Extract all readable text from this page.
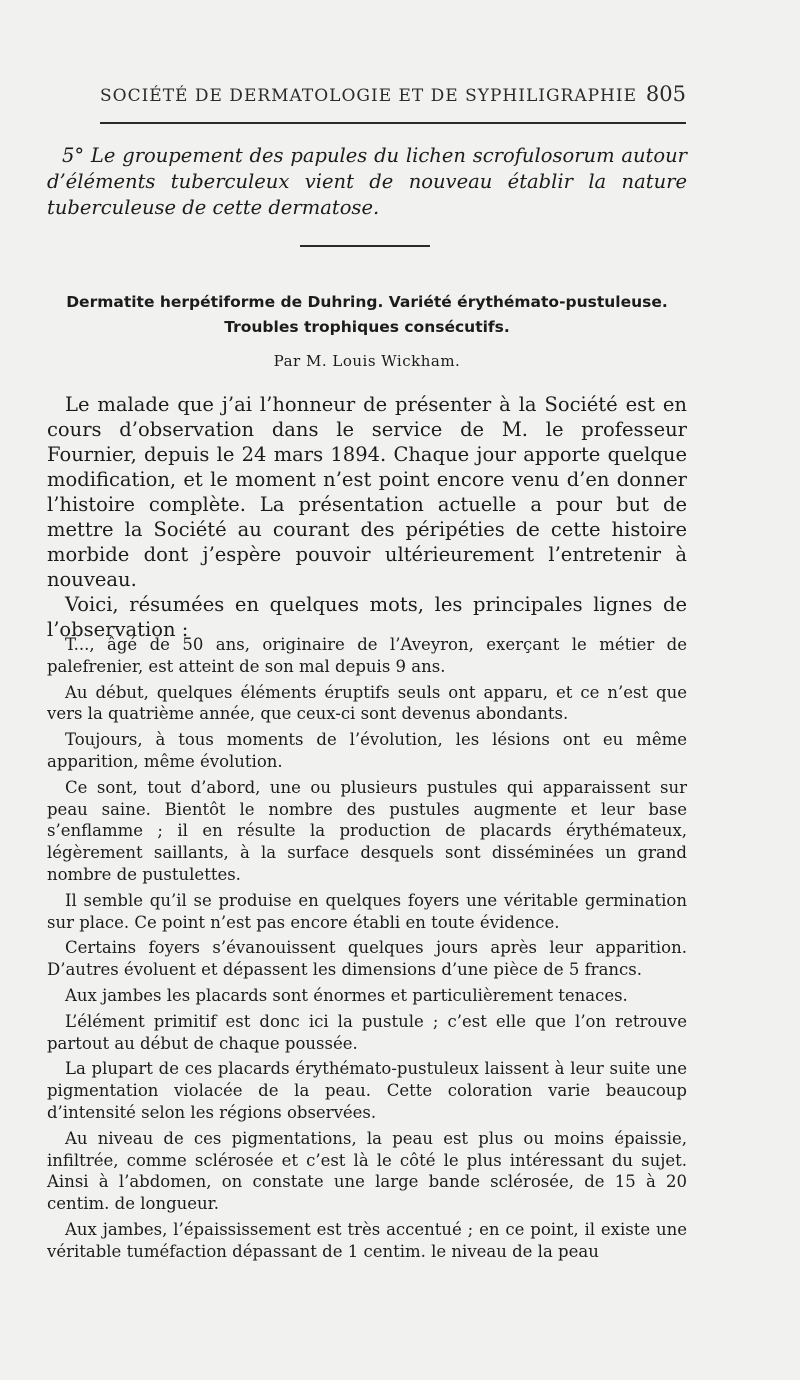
SOCIÉTÉ DE DERMATOLOGIE ET DE SYPHILIGRAPHIE 805
5° Le groupement des papules du lichen scrofulosorum autour d’éléments tuberculeux vient de nouveau établir la nature tuberculeuse de cette dermatose.
Dermatite herpétiforme de Duhring. Variété érythémato-pustuleuse.
Troubles trophiques consécutifs.
Par M. Louis Wickham.

Le malade que j’ai l’honneur de présenter à la Société est en cours d’observation dans le service de M. le professeur Fournier, depuis le 24 mars 1894. Chaque jour apporte quelque modification, et le moment n’est point encore venu d’en donner l’histoire complète. La présentation actuelle a pour but de mettre la Société au courant des péripéties de cette histoire morbide dont j’espère pouvoir ultérieurement l’entretenir à nouveau.

Voici, résumées en quelques mots, les principales lignes de l’observation :

T..., âgé de 50 ans, originaire de l’Aveyron, exerçant le métier de palefrenier, est atteint de son mal depuis 9 ans.

Au début, quelques éléments éruptifs seuls ont apparu, et ce n’est que vers la quatrième année, que ceux-ci sont devenus abondants.

Toujours, à tous moments de l’évolution, les lésions ont eu même apparition, même évolution.

Ce sont, tout d’abord, une ou plusieurs pustules qui apparaissent sur peau saine. Bientôt le nombre des pustules augmente et leur base s’enflamme ; il en résulte la production de placards érythémateux, légèrement saillants, à la surface desquels sont disséminées un grand nombre de pustulettes.

Il semble qu’il se produise en quelques foyers une véritable germination sur place. Ce point n’est pas encore établi en toute évidence.

Certains foyers s’évanouissent quelques jours après leur apparition. D’autres évoluent et dépassent les dimensions d’une pièce de 5 francs.

Aux jambes les placards sont énormes et particulièrement tenaces.

L’élément primitif est donc ici la pustule ; c’est elle que l’on retrouve partout au début de chaque poussée.

La plupart de ces placards érythémato-pustuleux laissent à leur suite une pigmentation violacée de la peau. Cette coloration varie beaucoup d’intensité selon les régions observées.

Au niveau de ces pigmentations, la peau est plus ou moins épaissie, infiltrée, comme sclérosée et c’est là le côté le plus intéressant du sujet. Ainsi à l’abdomen, on constate une large bande sclérosée, de 15 à 20 centim. de longueur.

Aux jambes, l’épaississement est très accentué ; en ce point, il existe une véritable tuméfaction dépassant de 1 centim. le niveau de la peau
